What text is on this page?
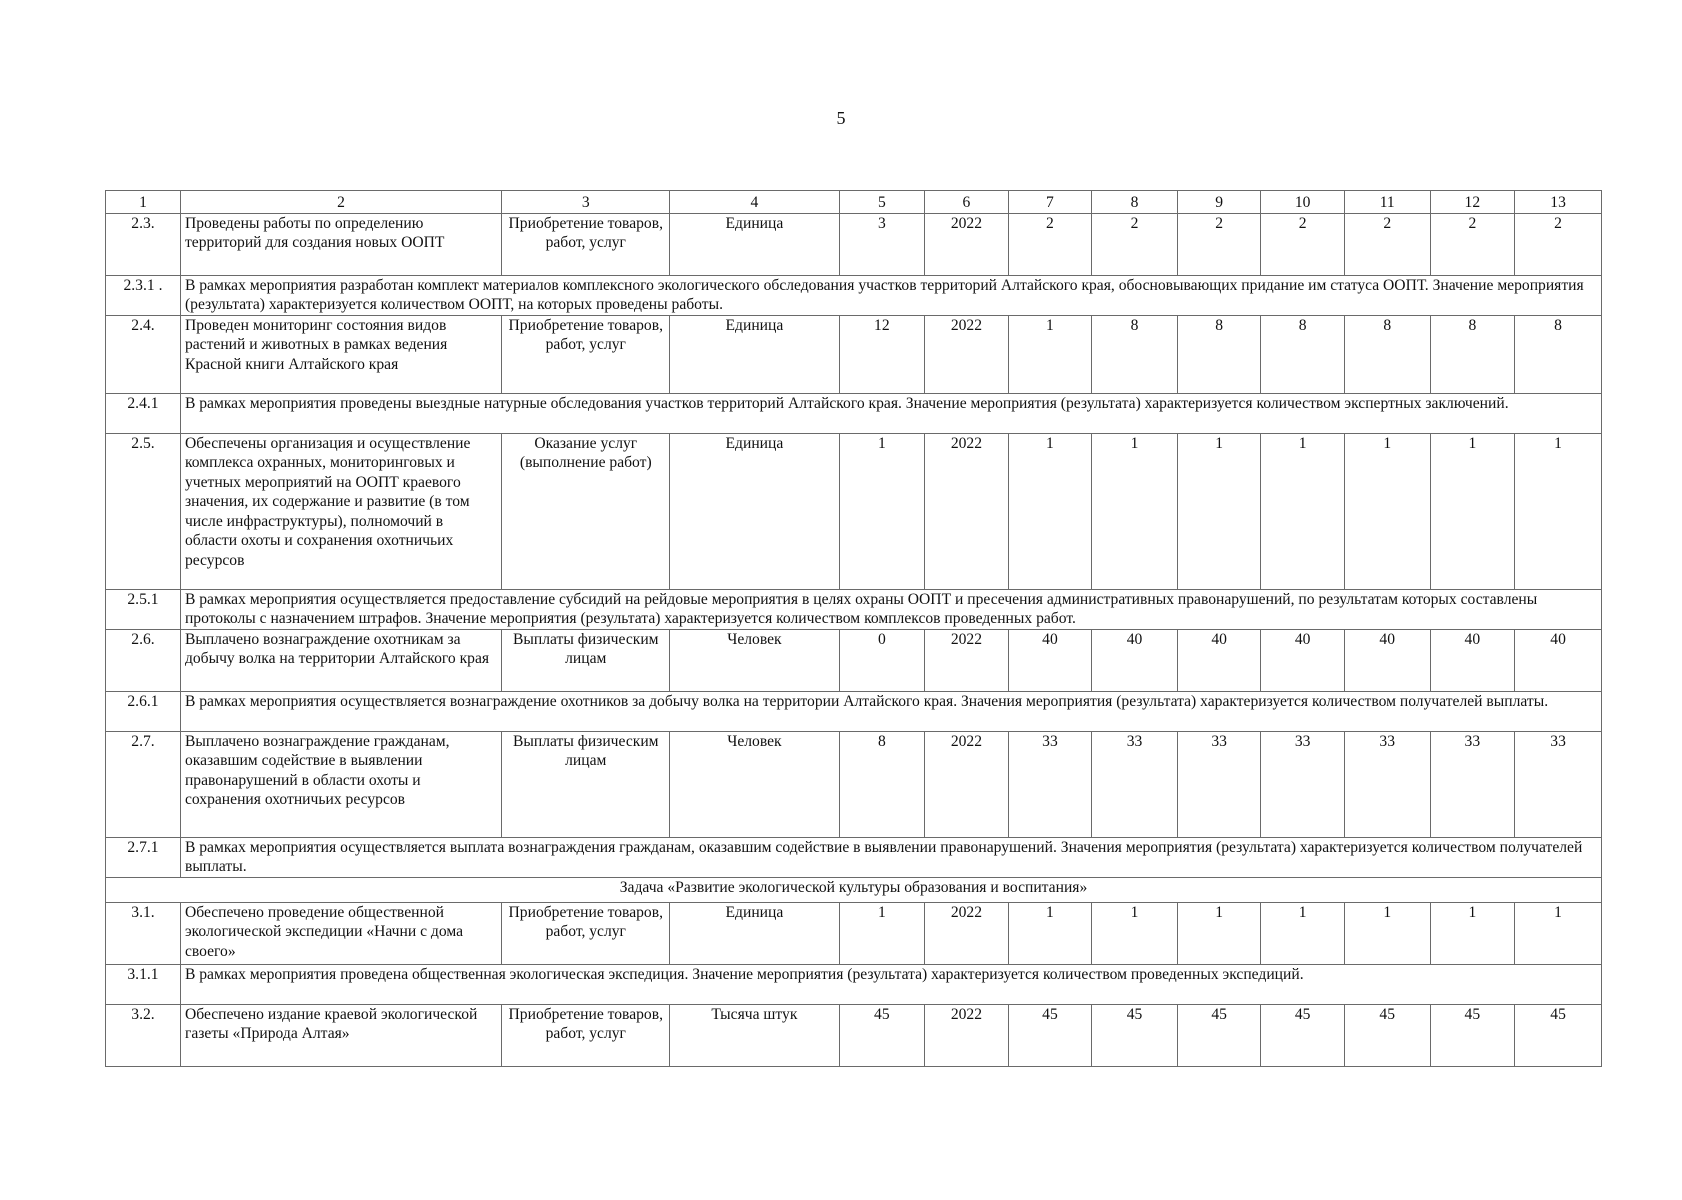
5
1	2	3	4	5	6	7	8	9	10	11	12	13
2.3.	Проведены работы по определению территорий для создания новых ООПТ	Приобретение товаров, работ, услуг	Единица	3	2022	2	2	2	2	2	2	2
2.3.1 .	В рамках мероприятия разработан комплект материалов комплексного экологического обследования участков территорий Алтайского края, обосновывающих придание им статуса ООПТ. Значение мероприятия (результата) характеризуется количеством ООПТ, на которых проведены работы.											
2.4.	Проведен мониторинг состояния видов растений и животных в рамках ведения Красной книги Алтайского края	Приобретение товаров, работ, услуг	Единица	12	2022	1	8	8	8	8	8	8
2.4.1	В рамках мероприятия проведены выездные натурные обследования участков территорий Алтайского края. Значение мероприятия (результата) характеризуется количеством экспертных заключений.											
2.5.	Обеспечены организация и осуществление комплекса охранных, мониторинговых и учетных мероприятий на ООПТ краевого значения, их содержание и развитие (в том числе инфраструктуры), полномочий в области охоты и сохранения охотничьих ресурсов	Оказание услуг (выполнение работ)	Единица	1	2022	1	1	1	1	1	1	1
2.5.1	В рамках мероприятия осуществляется предоставление субсидий на рейдовые мероприятия в целях охраны ООПТ и пресечения административных правонарушений, по результатам которых составлены протоколы с назначением штрафов. Значение мероприятия (результата) характеризуется количеством комплексов проведенных работ.											
2.6.	Выплачено вознаграждение охотникам за добычу волка на территории Алтайского края	Выплаты физическим лицам	Человек	0	2022	40	40	40	40	40	40	40
2.6.1	В рамках мероприятия осуществляется вознаграждение охотников за добычу волка на территории Алтайского края. Значения мероприятия (результата) характеризуется количеством получателей выплаты.											
2.7.	Выплачено вознаграждение гражданам, оказавшим содействие в выявлении правонарушений в области охоты и сохранения охотничьих ресурсов	Выплаты физическим лицам	Человек	8	2022	33	33	33	33	33	33	33
2.7.1	В рамках мероприятия осуществляется выплата вознаграждения гражданам, оказавшим содействие в выявлении правонарушений. Значения мероприятия (результата) характеризуется количеством получателей выплаты.											
Задача «Развитие экологической культуры образования и воспитания»												
3.1.	Обеспечено проведение общественной экологической экспедиции «Начни с дома своего»	Приобретение товаров, работ, услуг	Единица	1	2022	1	1	1	1	1	1	1
3.1.1	В рамках мероприятия проведена общественная экологическая экспедиция. Значение мероприятия (результата) характеризуется количеством проведенных экспедиций.											
3.2.	Обеспечено издание краевой экологической газеты «Природа Алтая»	Приобретение товаров, работ, услуг	Тысяча штук	45	2022	45	45	45	45	45	45	45
